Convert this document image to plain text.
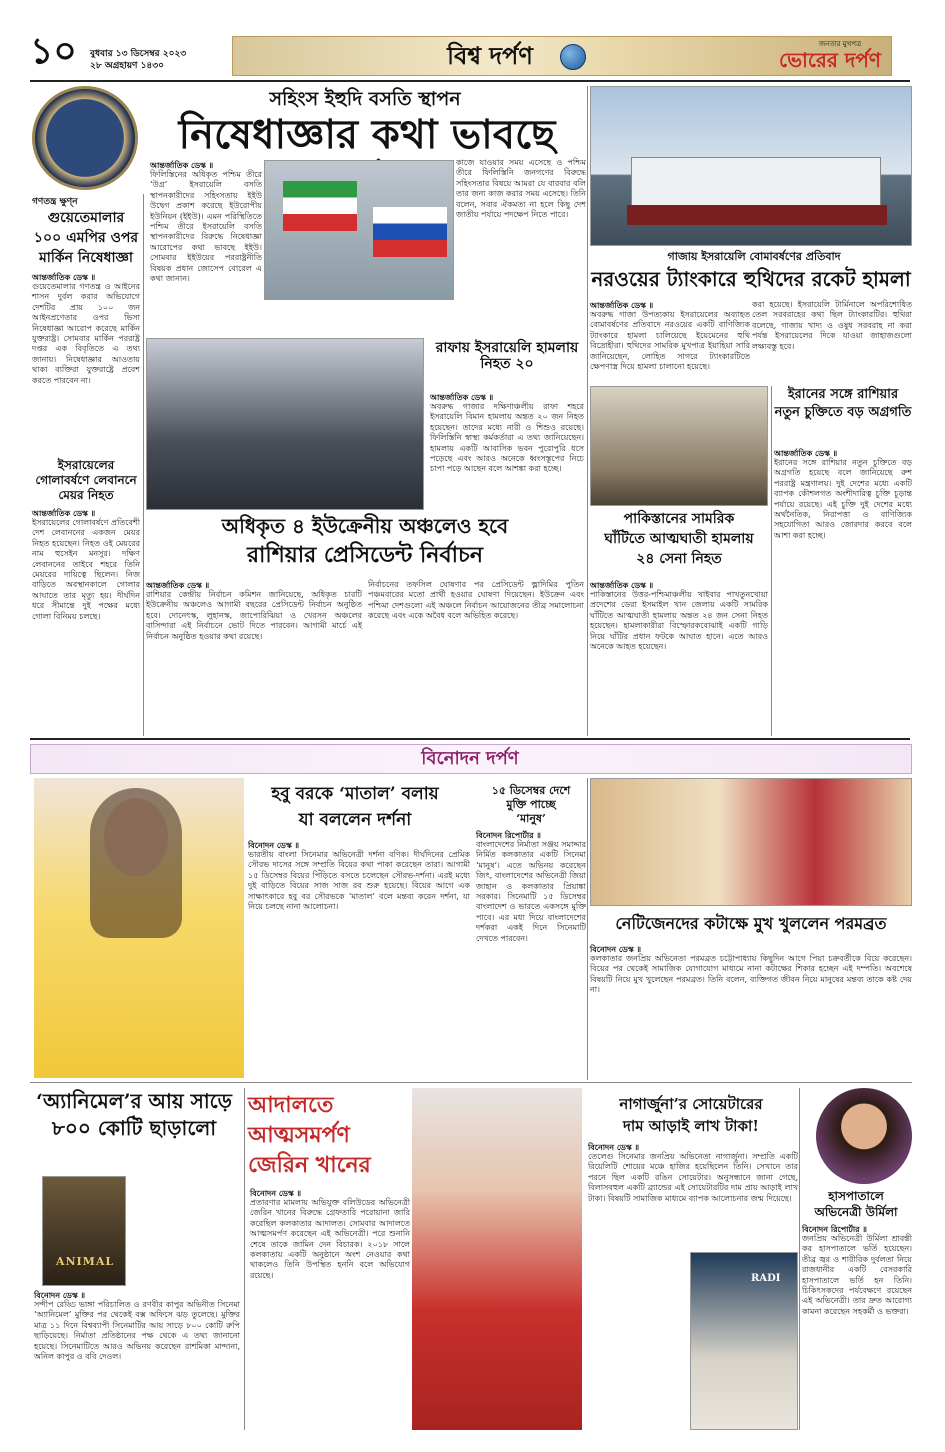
১০	বুধবার ১৩ ডিসেম্বর ২০২৩
২৮ অগ্রহায়ণ ১৪৩০	বিশ্ব দর্পণ	জনতার মুখপত্র
ভোরের দর্পণ
সহিংস ইহুদি বসতি স্থাপন
নিষেধাজ্ঞার কথা ভাবছে
আন্তর্জাতিক ডেস্ক ॥
ফিলিস্তিনের অধিকৃত পশ্চিম তীরে ‘উগ্র’ ইসরায়েলি বসতি স্থাপনকারীদের সহিংসতায় ইইউ উদ্বেগ প্রকাশ করেছে ইউরোপীয় ইউনিয়ন (ইইউ)। এমন পরিস্থিতিতে পশ্চিম তীরে ইসরায়েলি বসতি স্থাপনকারীদের বিরুদ্ধে নিষেধাজ্ঞা আরোপের কথা ভাবছে ইইউ। সোমবার ইইউয়ের পররাষ্ট্রনীতি বিষয়ক প্রধান জোসেপ বোরেল এ কথা জানান।
কাজে যাওয়ার সময় এসেছে ও পশ্চিম তীরে ফিলিস্তিনি জনগণের বিরুদ্ধে সহিংসতার বিষয়ে আমরা যে বারবার বলি তার জন্য কাজ করার সময় এসেছে। তিনি বলেন, সবার ঐকমত্য না হলে কিছু দেশ জাতীয় পর্যায়ে পদক্ষেপ নিতে পারে।
গাজায় ইসরায়েলি বোমাবর্ষণের প্রতিবাদ
নরওয়ের ট্যাংকারে হুথিদের রকেট হামলা
আন্তর্জাতিক ডেস্ক ॥
অবরুদ্ধ গাজা উপত্যকায় ইসরায়েলের অব্যাহত বোমাবর্ষণের প্রতিবাদে নরওয়ের একটি বাণিজ্যিক ট্যাংকারে হামলা চালিয়েছে ইয়েমেনের হুথি বিদ্রোহীরা। হুথিদের সামরিক মুখপাত্র ইয়াহিয়া সারি জানিয়েছেন, লোহিত সাগরে ট্যাংকারটিতে ক্ষেপণাস্ত্র দিয়ে হামলা চালানো হয়েছে।
করা হয়েছে। ইসরায়েলি টার্মিনালে অপরিশোধিত তেল সরবরাহের কথা ছিল ট্যাংকারটির। হুথিরা বলেছে, গাজায় খাদ্য ও ওষুধ সরবরাহ না করা পর্যন্ত ইসরায়েলের দিকে যাওয়া জাহাজগুলো লক্ষ্যবস্তু হবে।
গণতন্ত্র ক্ষুণ্ন
গুয়েতেমালার ১০০ এমপির ওপর মার্কিন নিষেধাজ্ঞা
আন্তর্জাতিক ডেস্ক ॥
গুয়েতেমালার গণতন্ত্র ও আইনের শাসন দুর্বল করার অভিযোগে দেশটির প্রায় ১০০ জন আইনপ্রণেতার ওপর ভিসা নিষেধাজ্ঞা আরোপ করেছে মার্কিন যুক্তরাষ্ট্র। সোমবার মার্কিন পররাষ্ট্র দপ্তর এক বিবৃতিতে এ তথ্য জানায়। নিষেধাজ্ঞার আওতায় থাকা ব্যক্তিরা যুক্তরাষ্ট্রে প্রবেশ করতে পারবেন না।
ইসরায়েলের গোলাবর্ষণে লেবাননে মেয়র নিহত
আন্তর্জাতিক ডেস্ক ॥
ইসরায়েলের গোলাবর্ষণে প্রতিবেশী দেশ লেবাননের একজন মেয়র নিহত হয়েছেন। নিহত ওই মেয়রের নাম হুসেইন মনসুর। দক্ষিণ লেবাননের তাইবে শহরে তিনি মেয়রের দায়িত্বে ছিলেন। নিজ বাড়িতে অবস্থানকালে গোলার আঘাতে তার মৃত্যু হয়। দীর্ঘদিন ধরে সীমান্তে দুই পক্ষের মধ্যে গোলা বিনিময় চলছে।
রাফায় ইসরায়েলি হামলায় নিহত ২০
আন্তর্জাতিক ডেস্ক ॥
অবরুদ্ধ গাজার দক্ষিণাঞ্চলীয় রাফা শহরে ইসরায়েলি বিমান হামলায় অন্তত ২০ জন নিহত হয়েছেন। তাদের মধ্যে নারী ও শিশুও রয়েছে। ফিলিস্তিনি স্বাস্থ্য কর্মকর্তারা এ তথ্য জানিয়েছেন। হামলায় একটি আবাসিক ভবন পুরোপুরি ধসে পড়েছে এবং আরও অনেকে ধ্বংসস্তূপের নিচে চাপা পড়ে আছেন বলে আশঙ্কা করা হচ্ছে।
পাকিস্তানের সামরিক
ঘাঁটিতে আত্মঘাতী হামলায়
২৪ সেনা নিহত
আন্তর্জাতিক ডেস্ক ॥
পাকিস্তানের উত্তর-পশ্চিমাঞ্চলীয় খাইবার পাখতুনখোয়া প্রদেশের ডেরা ইসমাইল খান জেলায় একটি সামরিক ঘাঁটিতে আত্মঘাতী হামলায় অন্তত ২৪ জন সেনা নিহত হয়েছেন। হামলাকারীরা বিস্ফোরকবোঝাই একটি গাড়ি নিয়ে ঘাঁটির প্রধান ফটকে আঘাত হানে। এতে আরও অনেকে আহত হয়েছেন।
ইরানের সঙ্গে রাশিয়ার নতুন চুক্তিতে বড় অগ্রগতি
আন্তর্জাতিক ডেস্ক ॥
ইরানের সঙ্গে রাশিয়ার নতুন চুক্তিতে বড় অগ্রগতি হয়েছে বলে জানিয়েছে রুশ পররাষ্ট্র মন্ত্রণালয়। দুই দেশের মধ্যে একটি ব্যাপক কৌশলগত অংশীদারিত্ব চুক্তি চূড়ান্ত পর্যায়ে রয়েছে। এই চুক্তি দুই দেশের মধ্যে অর্থনৈতিক, নিরাপত্তা ও বাণিজ্যিক সহযোগিতা আরও জোরদার করবে বলে আশা করা হচ্ছে।
অধিকৃত ৪ ইউক্রেনীয় অঞ্চলেও হবে
রাশিয়ার প্রেসিডেন্ট নির্বাচন
আন্তর্জাতিক ডেস্ক ॥
রাশিয়ার কেন্দ্রীয় নির্বাচন কমিশন জানিয়েছে, অধিকৃত চারটি ইউক্রেনীয় অঞ্চলেও আগামী বছরের প্রেসিডেন্ট নির্বাচন অনুষ্ঠিত হবে। দোনেৎস্ক, লুহানস্ক, জাপোরিঝিয়া ও খেরসন অঞ্চলের বাসিন্দারা এই নির্বাচনে ভোট দিতে পারবেন। আগামী মার্চে এই নির্বাচন অনুষ্ঠিত হওয়ার কথা রয়েছে।
নির্বাচনের তফসিল ঘোষণার পর প্রেসিডেন্ট ভ্লাদিমির পুতিন পঞ্চমবারের মতো প্রার্থী হওয়ার ঘোষণা দিয়েছেন। ইউক্রেন এবং পশ্চিমা দেশগুলো এই অঞ্চলে নির্বাচন আয়োজনের তীব্র সমালোচনা করেছে এবং একে অবৈধ বলে অভিহিত করেছে।
বিনোদন দর্পণ
হবু বরকে ‘মাতাল’ বলায়
যা বললেন দর্শনা
বিনোদন ডেস্ক ॥
ভারতীয় বাংলা সিনেমার অভিনেত্রী দর্শনা বণিক। দীর্ঘদিনের প্রেমিক সৌরভ দাসের সঙ্গে সম্প্রতি বিয়ের কথা পাকা করেছেন তারা। আগামী ১৫ ডিসেম্বর বিয়ের পিঁড়িতে বসতে চলেছেন সৌরভ-দর্শনা। এরই মধ্যে দুই বাড়িতে বিয়ের সাজ সাজ রব শুরু হয়েছে। বিয়ের আগে এক সাক্ষাৎকারে হবু বর সৌরভকে ‘মাতাল’ বলে মন্তব্য করেন দর্শনা, যা নিয়ে চলছে নানা আলোচনা।
১৫ ডিসেম্বর দেশে
মুক্তি পাচ্ছে
‘মানুষ’
বিনোদন রিপোর্টার ॥
বাংলাদেশের নির্মাতা সঞ্জয় সমাদ্দার নির্মিত কলকাতার একটি সিনেমা ‘মানুষ’। এতে অভিনয় করেছেন জিৎ, বাংলাদেশের অভিনেত্রী জিয়া জাহান ও কলকাতার প্রিয়াঙ্কা সরকার। সিনেমাটি ১৫ ডিসেম্বর বাংলাদেশ ও ভারতে একসঙ্গে মুক্তি পাবে। এর মধ্য দিয়ে বাংলাদেশের দর্শকরা একই দিনে সিনেমাটি দেখতে পারবেন।
নেটিজেনদের কটাক্ষে মুখ খুললেন পরমব্রত
বিনোদন ডেস্ক ॥
কলকাতার জনপ্রিয় অভিনেতা পরমব্রত চট্টোপাধ্যায় কিছুদিন আগে পিয়া চক্রবর্তীকে বিয়ে করেছেন। বিয়ের পর থেকেই সামাজিক যোগাযোগ মাধ্যমে নানা কটাক্ষের শিকার হচ্ছেন এই দম্পতি। অবশেষে বিষয়টি নিয়ে মুখ খুলেছেন পরমব্রত। তিনি বলেন, ব্যক্তিগত জীবন নিয়ে মানুষের মন্তব্য তাকে কষ্ট দেয় না।
‘অ্যানিমেল’র আয় সাড়ে ৮০০ কোটি ছাড়ালো
ANIMAL
বিনোদন ডেস্ক ॥
সন্দীপ রেড্ডি ভাঙ্গা পরিচালিত ও রণবীর কাপুর অভিনীত সিনেমা ‘অ্যানিমেল’ মুক্তির পর থেকেই বক্স অফিসে ঝড় তুলেছে। মুক্তির মাত্র ১১ দিনে বিশ্বব্যাপী সিনেমাটির আয় সাড়ে ৮০০ কোটি রুপি ছাড়িয়েছে। নির্মাতা প্রতিষ্ঠানের পক্ষ থেকে এ তথ্য জানানো হয়েছে। সিনেমাটিতে আরও অভিনয় করেছেন রাশমিকা মান্দানা, অনিল কাপুর ও ববি দেওল।
আদালতে
আত্মসমর্পণ
জেরিন খানের
বিনোদন ডেস্ক ॥
প্রতারণার মামলায় অভিযুক্ত বলিউডের অভিনেত্রী জেরিন খানের বিরুদ্ধে গ্রেফতারি পরোয়ানা জারি করেছিল কলকাতার আদালত। সোমবার আদালতে আত্মসমর্পণ করেছেন এই অভিনেত্রী। পরে শুনানি শেষে তাকে জামিন দেন বিচারক। ২০১৮ সালে কলকাতায় একটি অনুষ্ঠানে অংশ নেওয়ার কথা থাকলেও তিনি উপস্থিত হননি বলে অভিযোগ রয়েছে।
নাগার্জুনা’র সোয়েটারের
দাম আড়াই লাখ টাকা!
বিনোদন ডেস্ক ॥
তেলেগু সিনেমার জনপ্রিয় অভিনেতা নাগার্জুনা। সম্প্রতি একটি রিয়েলিটি শোয়ের মঞ্চে হাজির হয়েছিলেন তিনি। সেখানে তার পরনে ছিল একটি রঙিন সোয়েটার। অনুসন্ধানে জানা গেছে, বিলাসবহুল একটি ব্র্যান্ডের এই সোয়েটারটির দাম প্রায় আড়াই লাখ টাকা। বিষয়টি সামাজিক মাধ্যমে ব্যাপক আলোচনার জন্ম দিয়েছে।
RADI
হাসপাতালে
অভিনেত্রী উর্মিলা
বিনোদন রিপোর্টার ॥
জনপ্রিয় অভিনেত্রী উর্মিলা শ্রাবন্তী কর হাসপাতালে ভর্তি হয়েছেন। তীব্র জ্বর ও শারীরিক দুর্বলতা নিয়ে রাজধানীর একটি বেসরকারি হাসপাতালে ভর্তি হন তিনি। চিকিৎসকদের পর্যবেক্ষণে রয়েছেন এই অভিনেত্রী। তার দ্রুত আরোগ্য কামনা করেছেন সহকর্মী ও ভক্তরা।
